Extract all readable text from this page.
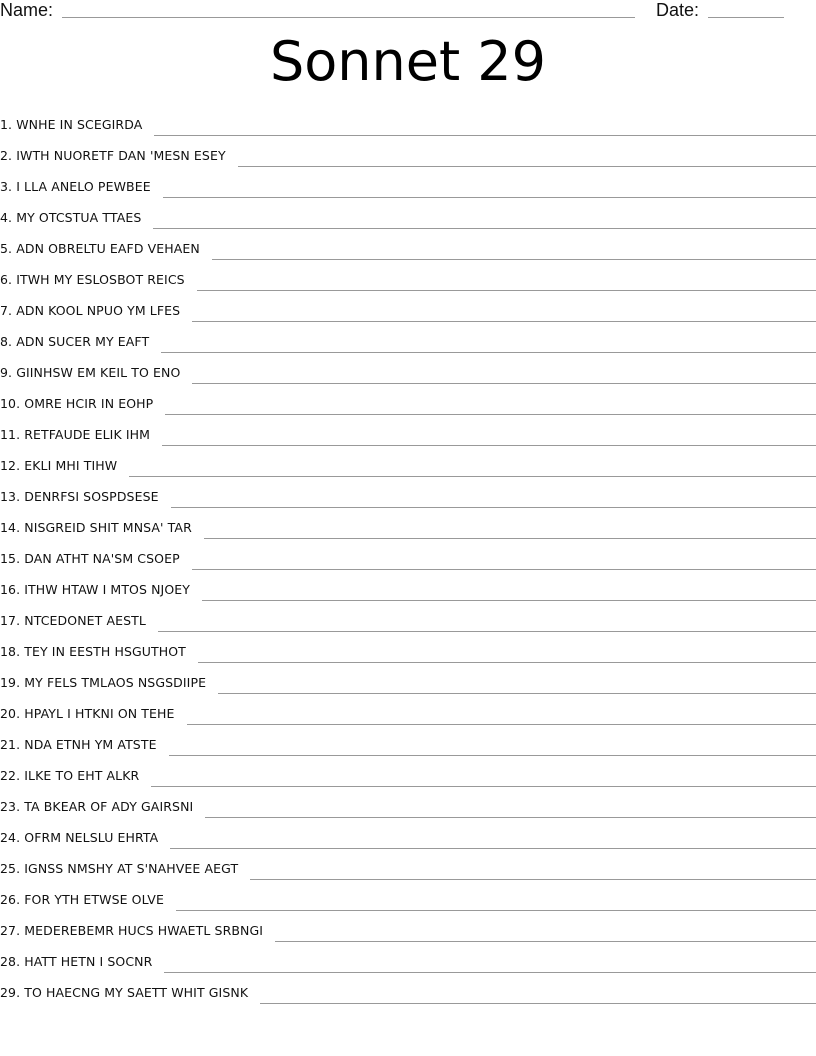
Name:	Date:
Sonnet 29
1. WNHE IN SCEGIRDA
2. IWTH NUORETF DAN 'MESN ESEY
3. I LLA ANELO PEWBEE
4. MY OTCSTUA TTAES
5. ADN OBRELTU EAFD VEHAEN
6. ITWH MY ESLOSBOT REICS
7. ADN KOOL NPUO YM LFES
8. ADN SUCER MY EAFT
9. GIINHSW EM KEIL TO ENO
10. OMRE HCIR IN EOHP
11. RETFAUDE ELIK IHM
12. EKLI MHI TIHW
13. DENRFSI SOSPDSESE
14. NISGREID SHIT MNSA' TAR
15. DAN ATHT NA'SM CSOEP
16. ITHW HTAW I MTOS NJOEY
17. NTCEDONET AESTL
18. TEY IN EESTH HSGUTHOT
19. MY FELS TMLAOS NSGSDIIPE
20. HPAYL I HTKNI ON TEHE
21. NDA ETNH YM ATSTE
22. ILKE TO EHT ALKR
23. TA BKEAR OF ADY GAIRSNI
24. OFRM NELSLU EHRTA
25. IGNSS NMSHY AT S'NAHVEE AEGT
26. FOR YTH ETWSE OLVE
27. MEDEREBEMR HUCS HWAETL SRBNGI
28. HATT HETN I SOCNR
29. TO HAECNG MY SAETT WHIT GISNK
